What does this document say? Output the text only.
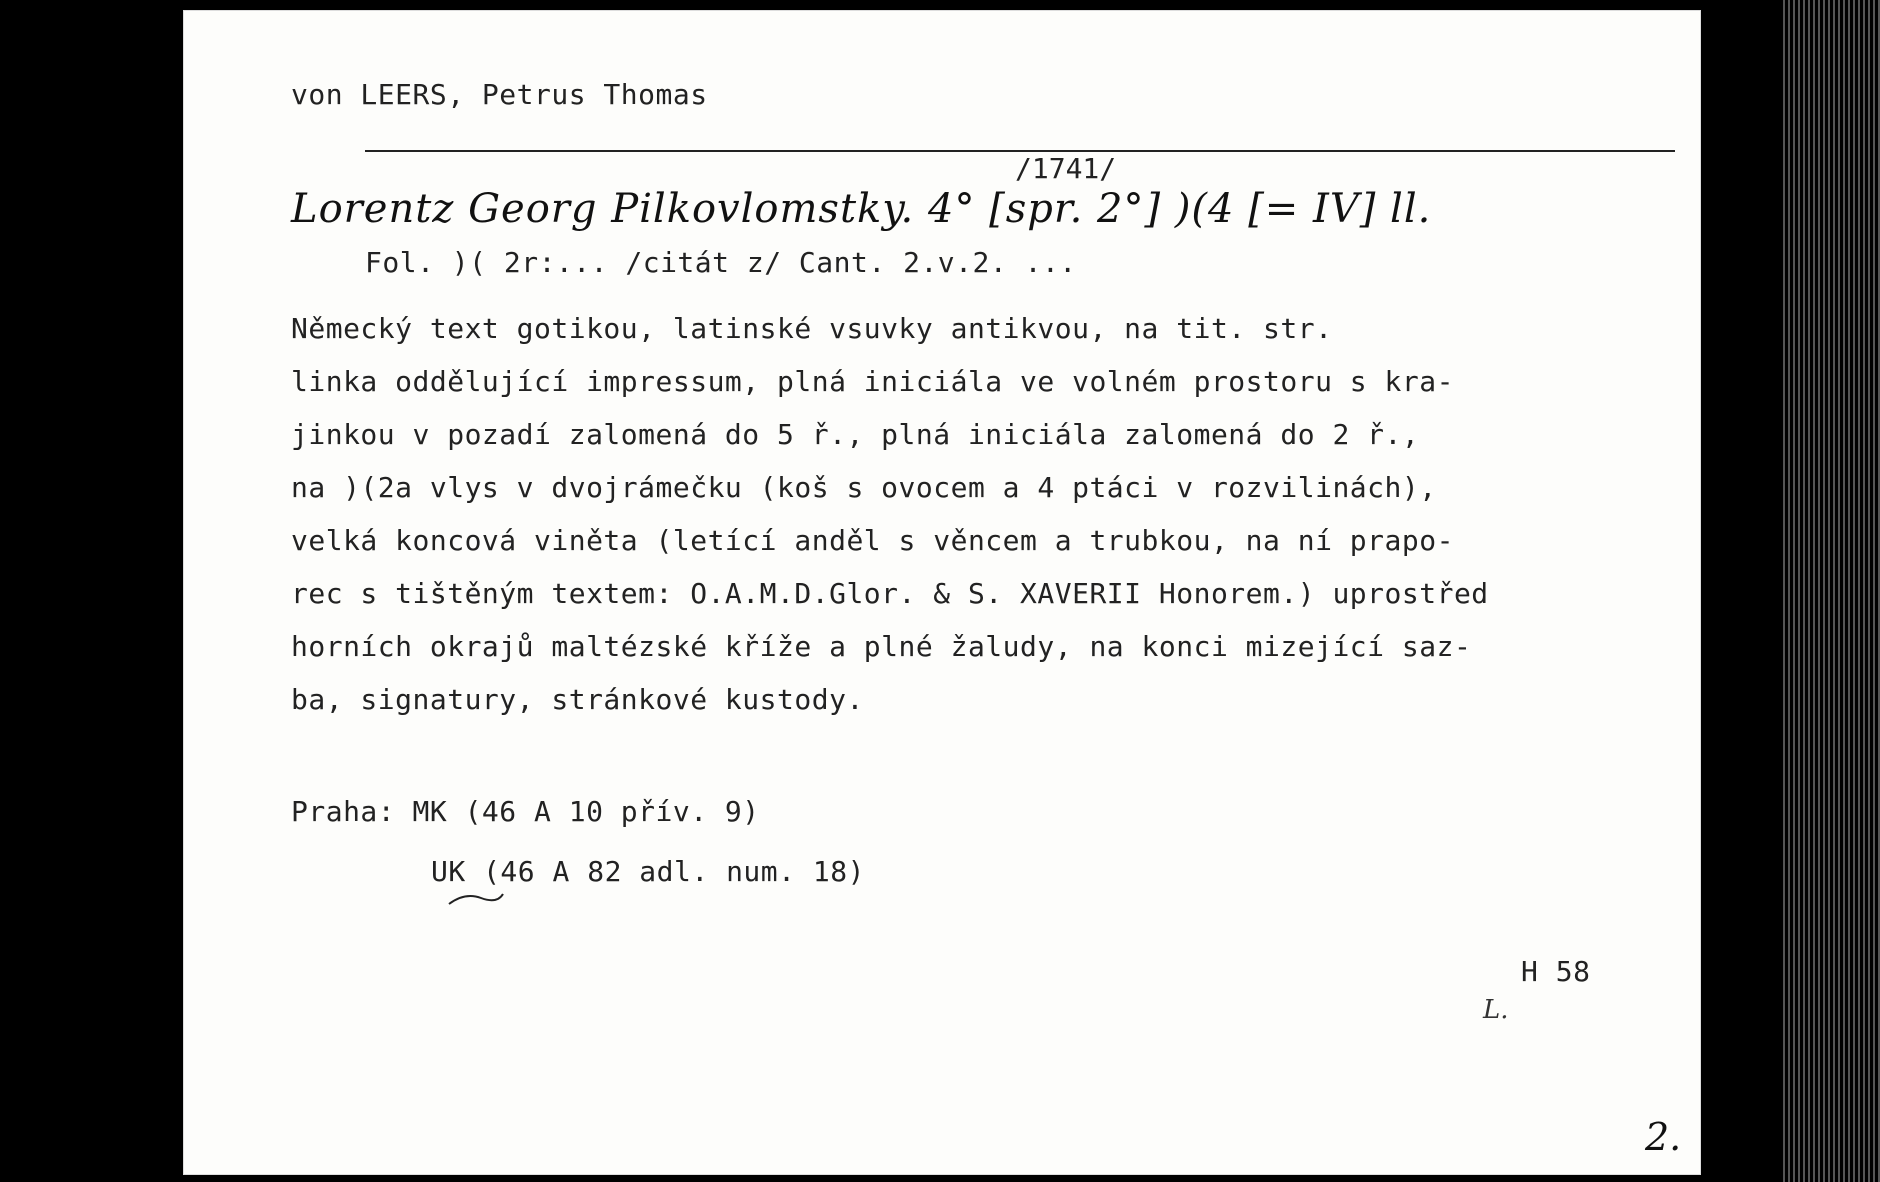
von LEERS, Petrus Thomas
/1741/
Lorentz Georg Pilkovlomstky. 4° [spr. 2°] )(4 [= IV] ll.
Fol. )( 2r:... /citát z/ Cant. 2.v.2. ...
Německý text gotikou, latinské vsuvky antikvou, na tit. str.
linka oddělující impressum, plná iniciála ve volném prostoru s kra-
jinkou v pozadí zalomená do 5 ř., plná iniciála zalomená do 2 ř.,
na )(2a vlys v dvojrámečku (koš s ovocem a 4 ptáci v rozvilinách),
velká koncová viněta (letící anděl s věncem a trubkou, na ní prapo-
rec s tištěným textem: O.A.M.D.Glor. & S. XAVERII Honorem.) uprostřed
horních okrajů maltézské kříže a plné žaludy, na konci mizející saz-
ba, signatury, stránkové kustody.
Praha: MK (46 A 10 přív. 9)
UK (46 A 82 adl. num. 18)
H 58
L.
2.
